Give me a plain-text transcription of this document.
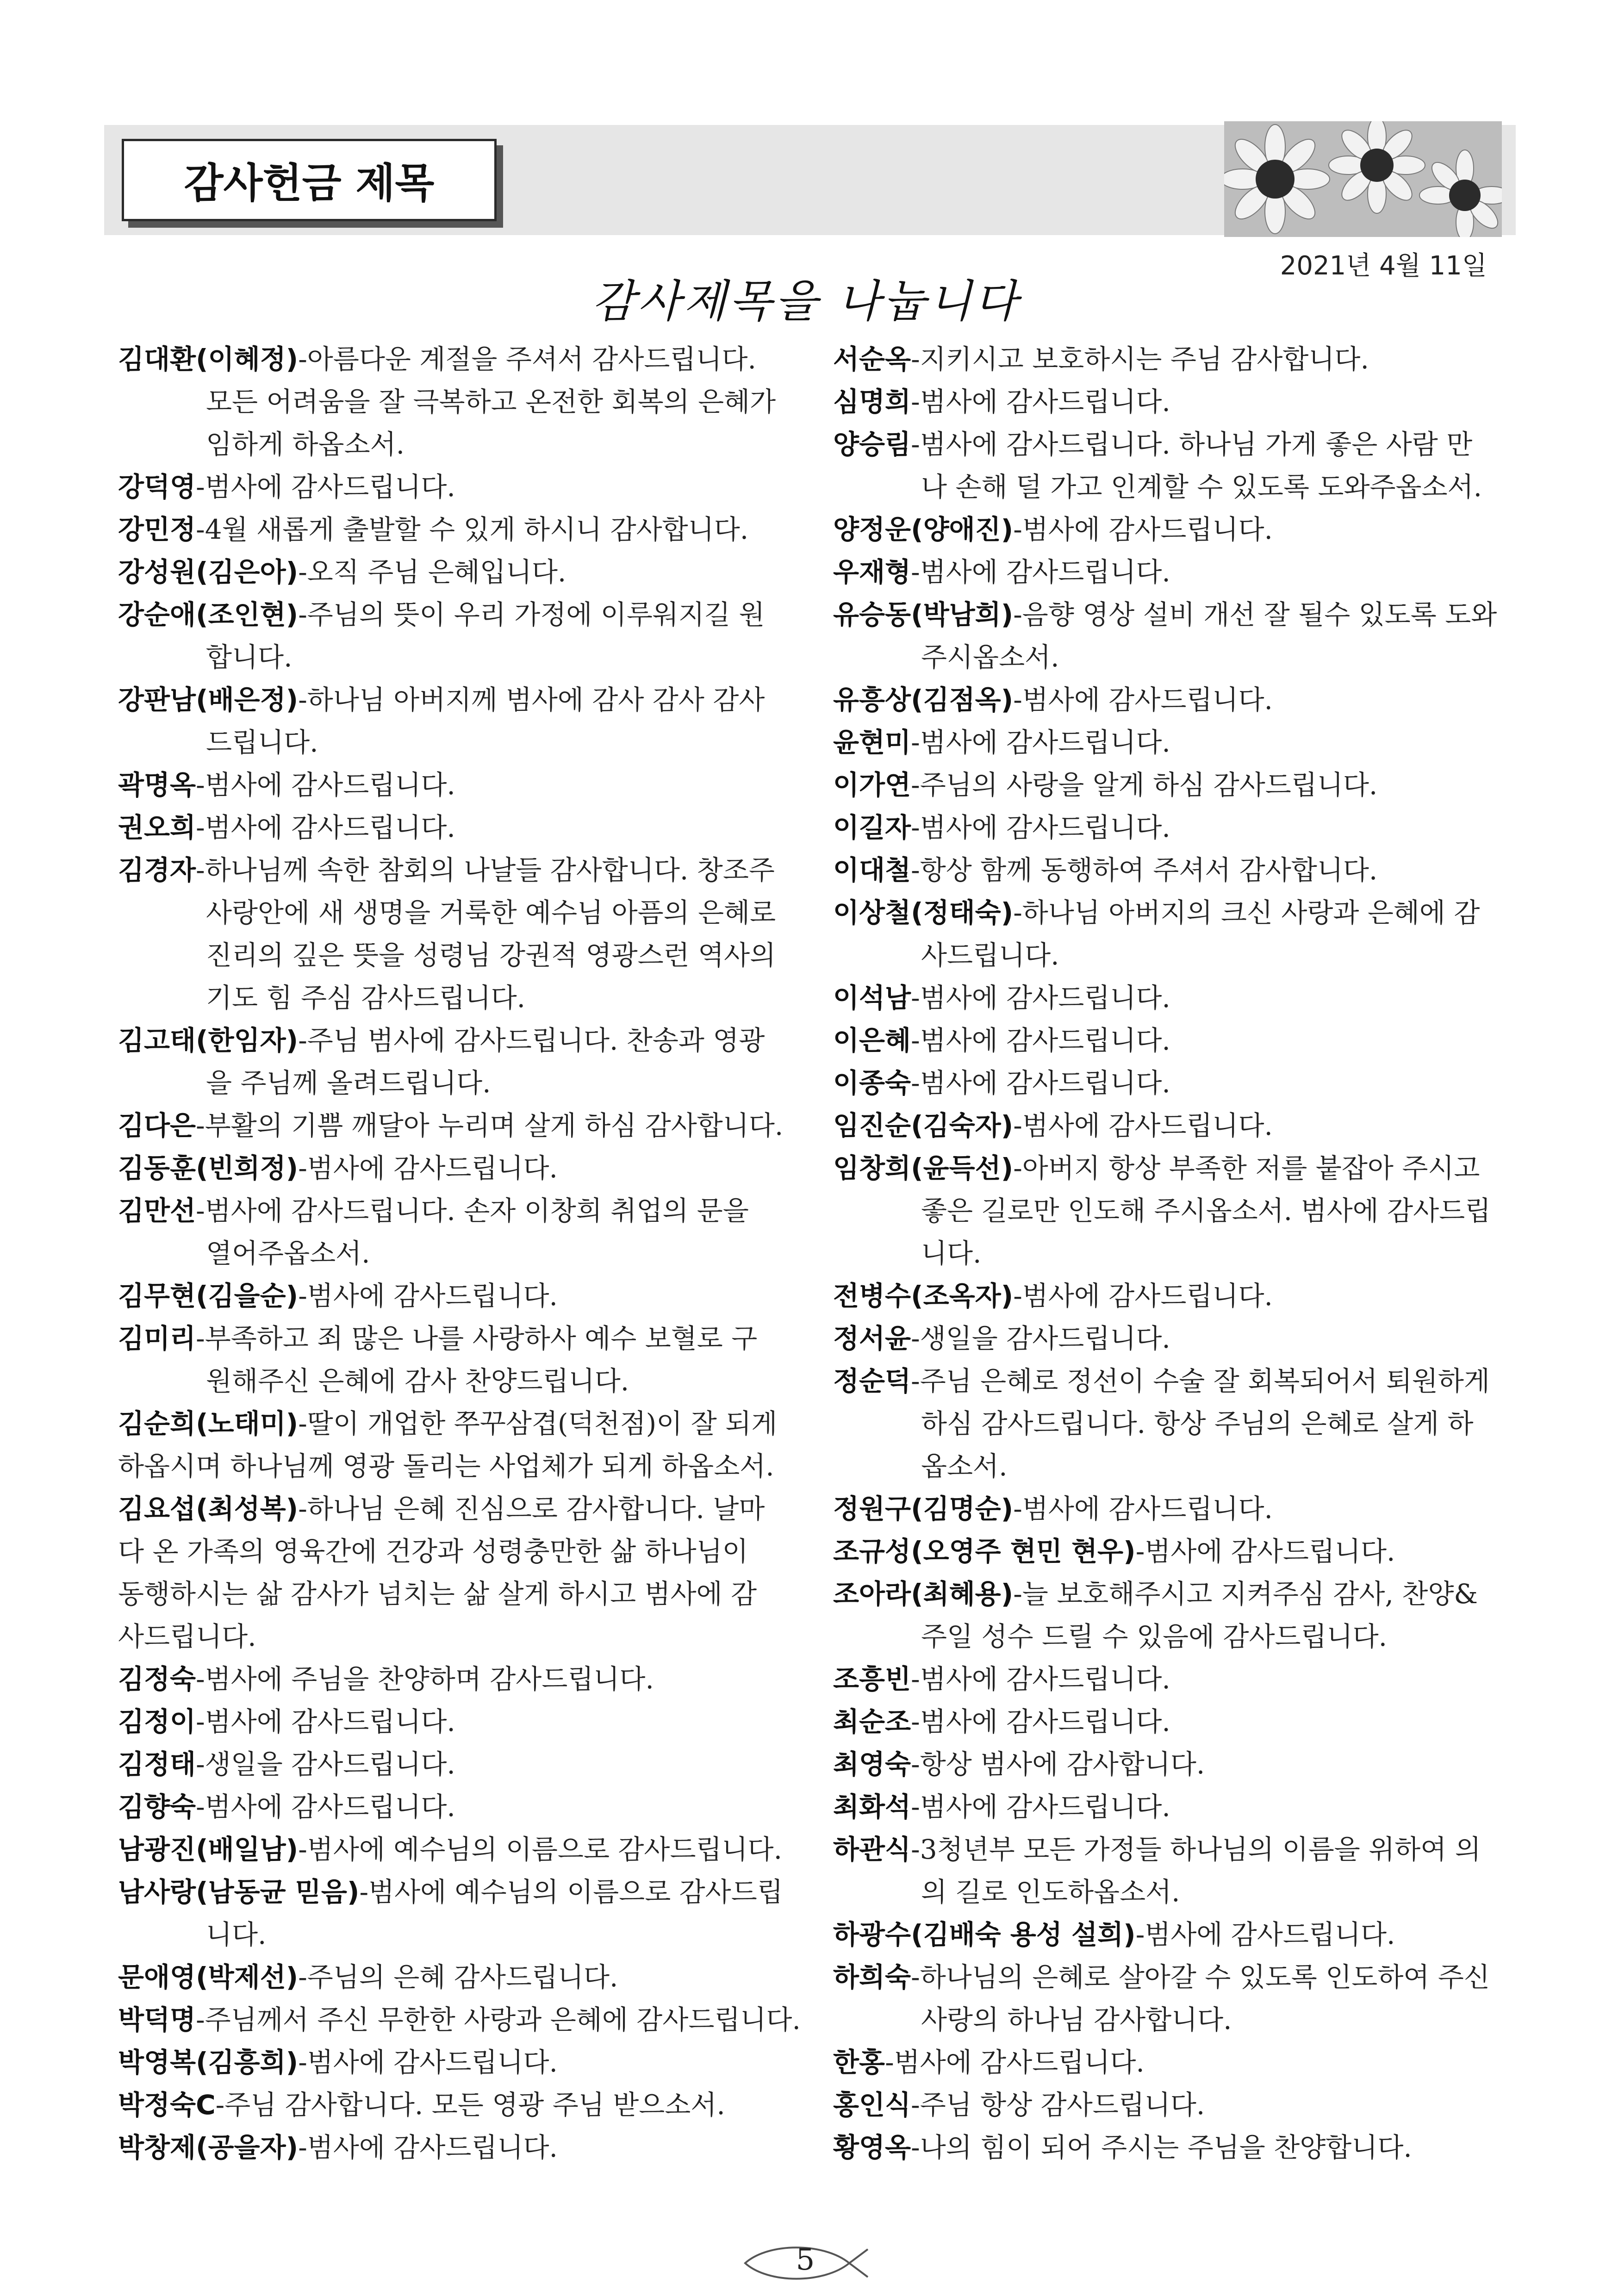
감사헌금 제목
2021년 4월 11일
감사제목을 나눕니다
김대환(이혜정)-아름다운 계절을 주셔서 감사드립니다.
모든 어려움을 잘 극복하고 온전한 회복의 은혜가
임하게 하옵소서.
강덕영-범사에 감사드립니다.
강민정-4월 새롭게 출발할 수 있게 하시니 감사합니다.
강성원(김은아)-오직 주님 은혜입니다.
강순애(조인현)-주님의 뜻이 우리 가정에 이루워지길 원
합니다.
강판남(배은정)-하나님 아버지께 범사에 감사 감사 감사
드립니다.
곽명옥-범사에 감사드립니다.
권오희-범사에 감사드립니다.
김경자-하나님께 속한 참회의 나날들 감사합니다. 창조주
사랑안에 새 생명을 거룩한 예수님 아픔의 은혜로
진리의 깊은 뜻을 성령님 강권적 영광스런 역사의
기도 힘 주심 감사드립니다.
김고태(한임자)-주님 범사에 감사드립니다. 찬송과 영광
을 주님께 올려드립니다.
김다은-부활의 기쁨 깨달아 누리며 살게 하심 감사합니다.
김동훈(빈희정)-범사에 감사드립니다.
김만선-범사에 감사드립니다. 손자 이창희 취업의 문을
열어주옵소서.
김무현(김을순)-범사에 감사드립니다.
김미리-부족하고 죄 많은 나를 사랑하사 예수 보혈로 구
원해주신 은혜에 감사 찬양드립니다.
김순희(노태미)-딸이 개업한 쭈꾸삼겹(덕천점)이 잘 되게
하옵시며 하나님께 영광 돌리는 사업체가 되게 하옵소서.
김요섭(최성복)-하나님 은혜 진심으로 감사합니다. 날마
다 온 가족의 영육간에 건강과 성령충만한 삶 하나님이
동행하시는 삶 감사가 넘치는 삶 살게 하시고 범사에 감
사드립니다.
김정숙-범사에 주님을 찬양하며 감사드립니다.
김정이-범사에 감사드립니다.
김정태-생일을 감사드립니다.
김향숙-범사에 감사드립니다.
남광진(배일남)-범사에 예수님의 이름으로 감사드립니다.
남사랑(남동균 믿음)-범사에 예수님의 이름으로 감사드립
니다.
문애영(박제선)-주님의 은혜 감사드립니다.
박덕명-주님께서 주신 무한한 사랑과 은혜에 감사드립니다.
박영복(김흥희)-범사에 감사드립니다.
박정숙C-주님 감사합니다. 모든 영광 주님 받으소서.
박창제(공을자)-범사에 감사드립니다.
서순옥-지키시고 보호하시는 주님 감사합니다.
심명희-범사에 감사드립니다.
양승림-범사에 감사드립니다. 하나님 가게 좋은 사람 만
나 손해 덜 가고 인계할 수 있도록 도와주옵소서.
양정운(양애진)-범사에 감사드립니다.
우재형-범사에 감사드립니다.
유승동(박남희)-음향 영상 설비 개선 잘 될수 있도록 도와
주시옵소서.
유흥상(김점옥)-범사에 감사드립니다.
윤현미-범사에 감사드립니다.
이가연-주님의 사랑을 알게 하심 감사드립니다.
이길자-범사에 감사드립니다.
이대철-항상 함께 동행하여 주셔서 감사합니다.
이상철(정태숙)-하나님 아버지의 크신 사랑과 은혜에 감
사드립니다.
이석남-범사에 감사드립니다.
이은혜-범사에 감사드립니다.
이종숙-범사에 감사드립니다.
임진순(김숙자)-범사에 감사드립니다.
임창희(윤득선)-아버지 항상 부족한 저를 붙잡아 주시고
좋은 길로만 인도해 주시옵소서. 범사에 감사드립
니다.
전병수(조옥자)-범사에 감사드립니다.
정서윤-생일을 감사드립니다.
정순덕-주님 은혜로 정선이 수술 잘 회복되어서 퇴원하게
하심 감사드립니다. 항상 주님의 은혜로 살게 하
옵소서.
정원구(김명순)-범사에 감사드립니다.
조규성(오영주 현민 현우)-범사에 감사드립니다.
조아라(최혜용)-늘 보호해주시고 지켜주심 감사, 찬양&
주일 성수 드릴 수 있음에 감사드립니다.
조흥빈-범사에 감사드립니다.
최순조-범사에 감사드립니다.
최영숙-항상 범사에 감사합니다.
최화석-범사에 감사드립니다.
하관식-3청년부 모든 가정들 하나님의 이름을 위하여 의
의 길로 인도하옵소서.
하광수(김배숙 용성 설희)-범사에 감사드립니다.
하희숙-하나님의 은혜로 살아갈 수 있도록 인도하여 주신
사랑의 하나님 감사합니다.
한홍-범사에 감사드립니다.
홍인식-주님 항상 감사드립니다.
황영옥-나의 힘이 되어 주시는 주님을 찬양합니다.
5
